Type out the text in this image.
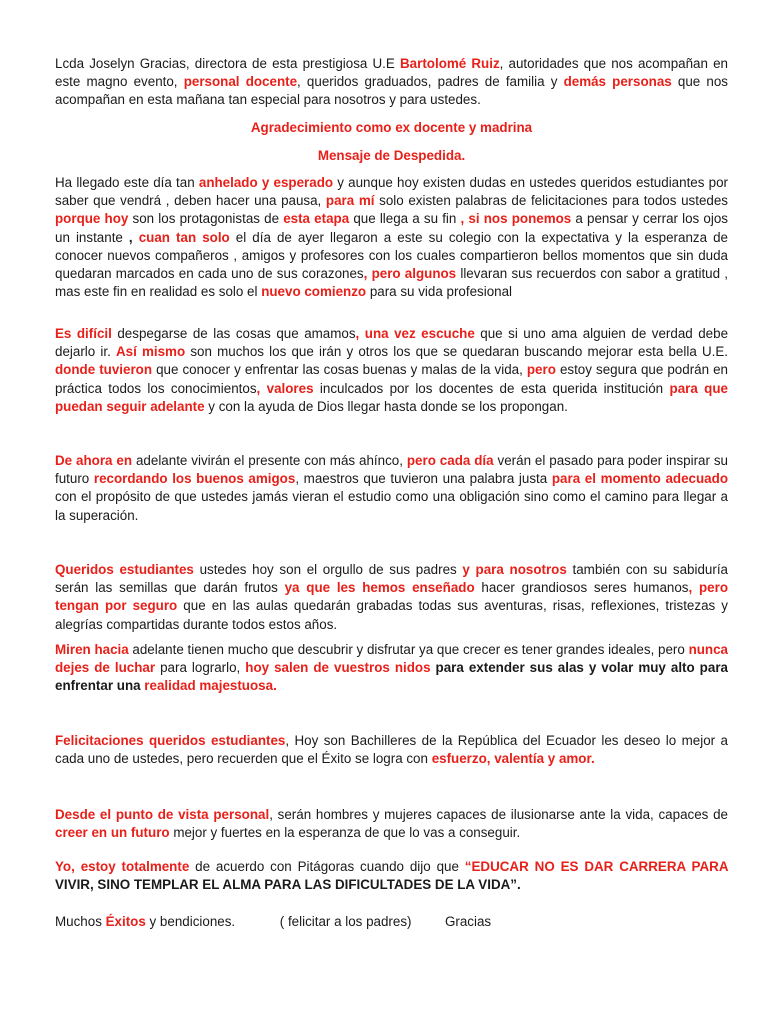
Lcda Joselyn Gracias, directora de esta prestigiosa U.E Bartolomé Ruiz, autoridades que nos acompañan en este magno evento, personal docente, queridos graduados, padres de familia y demás personas que nos acompañan en esta mañana tan especial para nosotros y para ustedes.

Agradecimiento como ex docente y madrina

Mensaje de Despedida.

Ha llegado este día tan anhelado y esperado y aunque hoy existen dudas en ustedes queridos estudiantes por saber que vendrá , deben hacer una pausa, para mí solo existen palabras de felicitaciones para todos ustedes porque hoy son los protagonistas de esta etapa que llega a su fin , si nos ponemos a pensar y cerrar los ojos un instante , cuan tan solo el día de ayer llegaron a este su colegio con la expectativa y la esperanza de conocer nuevos compañeros , amigos y profesores con los cuales compartieron bellos momentos que sin duda quedaran marcados en cada uno de sus corazones, pero algunos llevaran sus recuerdos con sabor a gratitud , mas este fin en realidad es solo el nuevo comienzo para su vida profesional

Es difícil despegarse de las cosas que amamos, una vez escuche que si uno ama alguien de verdad debe dejarlo ir. Así mismo son muchos los que irán y otros los que se quedaran buscando mejorar esta bella U.E. donde tuvieron que conocer y enfrentar las cosas buenas y malas de la vida, pero estoy segura que podrán en práctica todos los conocimientos, valores inculcados por los docentes de esta querida institución para que puedan seguir adelante y con la ayuda de Dios llegar hasta donde se los propongan.

De ahora en adelante vivirán el presente con más ahínco, pero cada día verán el pasado para poder inspirar su futuro recordando los buenos amigos, maestros que tuvieron una palabra justa para el momento adecuado con el propósito de que ustedes jamás vieran el estudio como una obligación sino como el camino para llegar a la superación.

Queridos estudiantes ustedes hoy son el orgullo de sus padres y para nosotros también con su sabiduría serán las semillas que darán frutos ya que les hemos enseñado hacer grandiosos seres humanos, pero tengan por seguro que en las aulas quedarán grabadas todas sus aventuras, risas, reflexiones, tristezas y alegrías compartidas durante todos estos años.

Miren hacia adelante tienen mucho que descubrir y disfrutar ya que crecer es tener grandes ideales, pero nunca dejes de luchar para lograrlo, hoy salen de vuestros nidos para extender sus alas y volar muy alto para enfrentar una realidad majestuosa.

Felicitaciones queridos estudiantes, Hoy son Bachilleres de la República del Ecuador les deseo lo mejor a cada uno de ustedes, pero recuerden que el Éxito se logra con esfuerzo, valentía y amor.

Desde el punto de vista personal, serán hombres y mujeres capaces de ilusionarse ante la vida, capaces de creer en un futuro mejor y fuertes en la esperanza de que lo vas a conseguir.

Yo, estoy totalmente de acuerdo con Pitágoras cuando dijo que “EDUCAR NO ES DAR CARRERA PARA VIVIR, SINO TEMPLAR EL ALMA PARA LAS DIFICULTADES DE LA VIDA”.

Muchos Éxitos y bendiciones.            ( felicitar a los padres)         Gracias
